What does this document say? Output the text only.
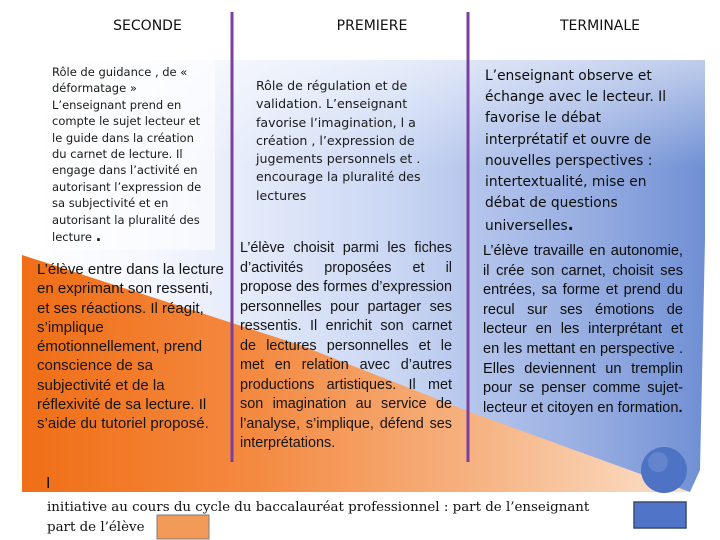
SECONDE	PREMIERE	TERMINALE
Rôle de guidance , de « déformatage » L’enseignant prend en compte le sujet lecteur et le guide dans la création du carnet de lecture. Il engage dans l’activité en autorisant l’expression de sa subjectivité et en autorisant la pluralité des lecture .
e
L’élève entre dans la lecture en exprimant son ressenti, et ses réactions. Il réagit, s’implique émotionnellement, prend conscience de sa subjectivité et de la réflexivité de sa lecture. Il s’aide du tutoriel proposé.
Rôle de régulation et de validation. L’enseignant favorise l’imagination, l a création , l’expression de jugements personnels et . encourage la pluralité des lectures
L’élève choisit parmi les fiches d’activités proposées et il propose des formes d’expression personnelles pour partager ses ressentis. Il enrichit son carnet de lectures personnelles et le met en relation avec d’autres productions artistiques. Il met son imagination au service de l’analyse, s’implique, défend ses interprétations.
L’enseignant observe et échange avec le lecteur. Il favorise le débat interprétatif et ouvre de nouvelles perspectives : intertextualité, mise en débat de questions universelles.
L’élève travaille en autonomie, il crée son carnet, choisit ses entrées, sa forme et prend du recul sur ses émotions de lecteur en les interprétant et en les mettant en perspective . Elles deviennent un tremplin pour se penser comme sujet-lecteur et citoyen en formation.
I
initiative au cours du cycle du baccalauréat professionnel : part de l’enseignant
part de l’élève
